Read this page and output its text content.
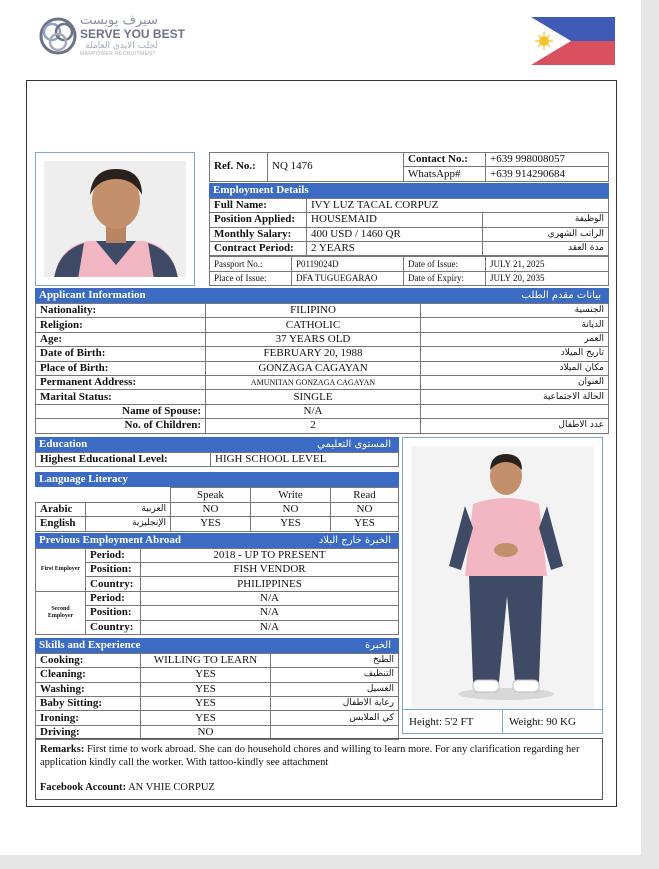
سيرف يوبست
SERVE YOU BEST
لجلب الايدي العاملة
MANPOWER RECRUITMENT
Ref. No.:	NQ 1476	Contact No.:	+639 998008057
		WhatsApp#	+639 914290684
Employment Details
Full Name:	IVY LUZ TACAL CORPUZ	
Position Applied:	HOUSEMAID	الوظيفة
Monthly Salary:	400 USD / 1460 QR	الراتب الشهري
Contract Period:	2 YEARS	مدة العقد
Passport No.:	P0119024D	Date of Issue:	JULY 21, 2025
Place of Issue:	DFA TUGUEGARAO	Date of Expiry:	JULY 20, 2035
Applicant Information	بيانات مقدم الطلب
Nationality:	FILIPINO	الجنسية
Religion:	CATHOLIC	الديانة
Age:	37 YEARS OLD	العمر
Date of Birth:	FEBRUARY 20, 1988	تاريخ الميلاد
Place of Birth:	GONZAGA CAGAYAN	مكان الميلاد
Permanent Address:	AMUNITAN GONZAGA CAGAYAN	العنوان
Marital Status:	SINGLE	الحالة الاجتماعية
Name of Spouse:	N/A	
No. of Children:	2	عدد الاطفال
Education	المستوى التعليمي
Highest Educational Level:	HIGH SCHOOL LEVEL
Language Literacy
		Speak	Write	Read
Arabic	العربية	NO	NO	NO
English	الإنجليزية	YES	YES	YES
Previous Employment Abroad	الخبرة خارج البلاد
First Employer	Period:	2018 - UP TO PRESENT
	Position:	FISH VENDOR
	Country:	PHILIPPINES
Second Employer	Period:	N/A
	Position:	N/A
	Country:	N/A
Skills and Experience	الخبرة
Cooking:	WILLING TO LEARN	الطبخ
Cleaning:	YES	التنظيف
Washing:	YES	الغسيل
Baby Sitting:	YES	رعاية الاطفال
Ironing:	YES	كي الملابس
Driving:	NO	
Height: 5'2 FT	Weight: 90 KG
Remarks: First time to work abroad. She can do household chores and willing to learn more. For any clarification regarding her application kindly call the worker. With tattoo-kindly see attachment
Facebook Account: AN VHIE CORPUZ
